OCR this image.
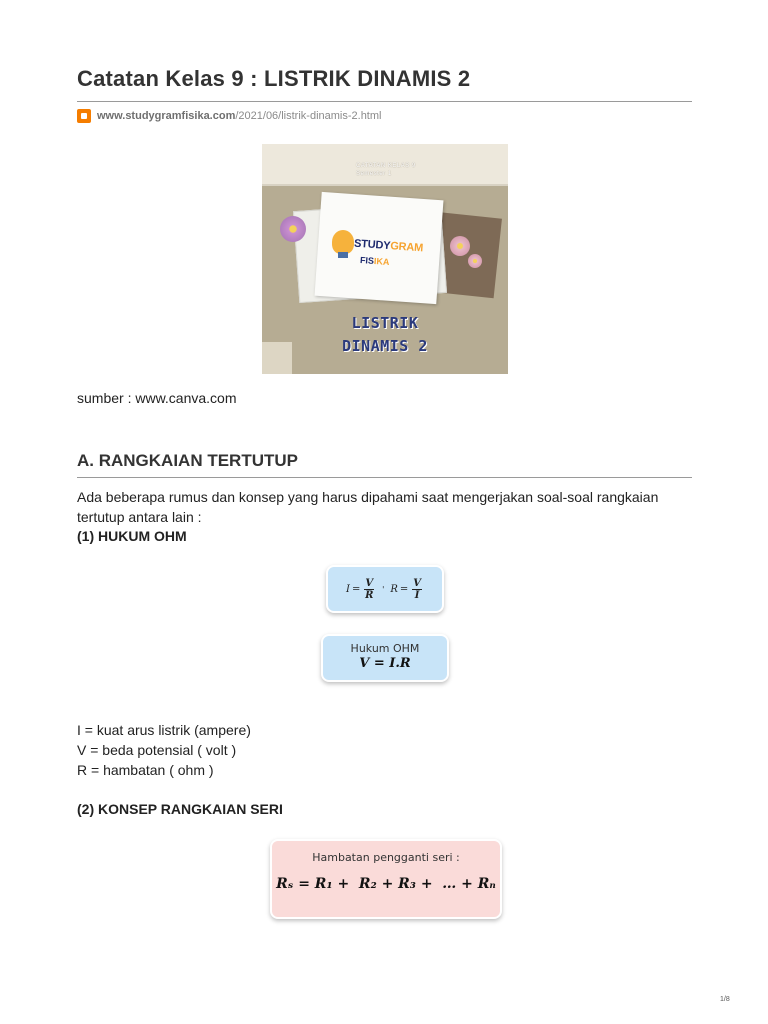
Catatan Kelas 9 : LISTRIK DINAMIS 2
www.studygramfisika.com/2021/06/listrik-dinamis-2.html
CATATAN KELAS 9
Semester 1
STUDYGRAM
FISIKA
LISTRIK
DINAMIS 2
sumber : www.canva.com
A. RANGKAIAN TERTUTUP
Ada beberapa rumus dan konsep yang harus dipahami saat mengerjakan soal-soal rangkaian tertutup antara lain :
(1) HUKUM OHM
$I = \frac{V}{R}$ ' $R = \frac{V}{I}$
Hukum OHM
V = I.R
I = kuat arus listrik (ampere)
V = beda potensial ( volt )
R = hambatan ( ohm )
(2) KONSEP RANGKAIAN SERI
Hambatan pengganti seri :
Rₛ = R₁ +  R₂ + R₃ +  … + Rₙ
1/8
